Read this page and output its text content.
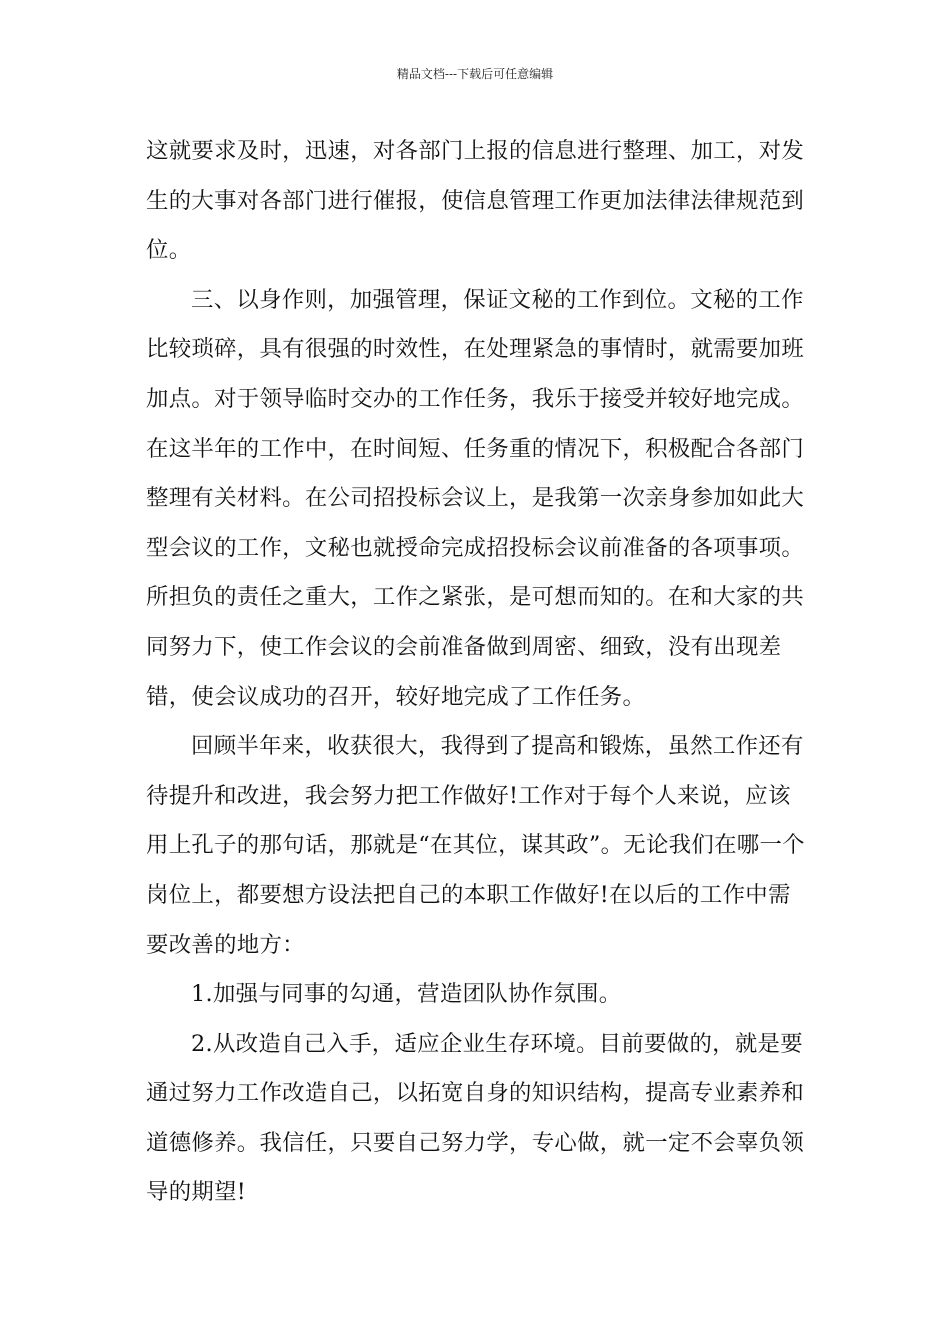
精品文档---下载后可任意编辑

这就要求及时，迅速，对各部门上报的信息进行整理、加工，对发生的大事对各部门进行催报，使信息管理工作更加法律法律规范到位。

三、以身作则，加强管理，保证文秘的工作到位。文秘的工作比较琐碎，具有很强的时效性，在处理紧急的事情时，就需要加班加点。对于领导临时交办的工作任务，我乐于接受并较好地完成。在这半年的工作中，在时间短、任务重的情况下，积极配合各部门整理有关材料。在公司招投标会议上，是我第一次亲身参加如此大型会议的工作，文秘也就授命完成招投标会议前准备的各项事项。所担负的责任之重大，工作之紧张，是可想而知的。在和大家的共同努力下，使工作会议的会前准备做到周密、细致，没有出现差错，使会议成功的召开，较好地完成了工作任务。

回顾半年来，收获很大，我得到了提高和锻炼，虽然工作还有待提升和改进，我会努力把工作做好!工作对于每个人来说，应该用上孔子的那句话，那就是“在其位，谋其政”。无论我们在哪一个岗位上，都要想方设法把自己的本职工作做好!在以后的工作中需要改善的地方：

1.加强与同事的勾通，营造团队协作氛围。

2.从改造自己入手，适应企业生存环境。目前要做的，就是要通过努力工作改造自己，以拓宽自身的知识结构，提高专业素养和道德修养。我信任，只要自己努力学，专心做，就一定不会辜负领导的期望!
